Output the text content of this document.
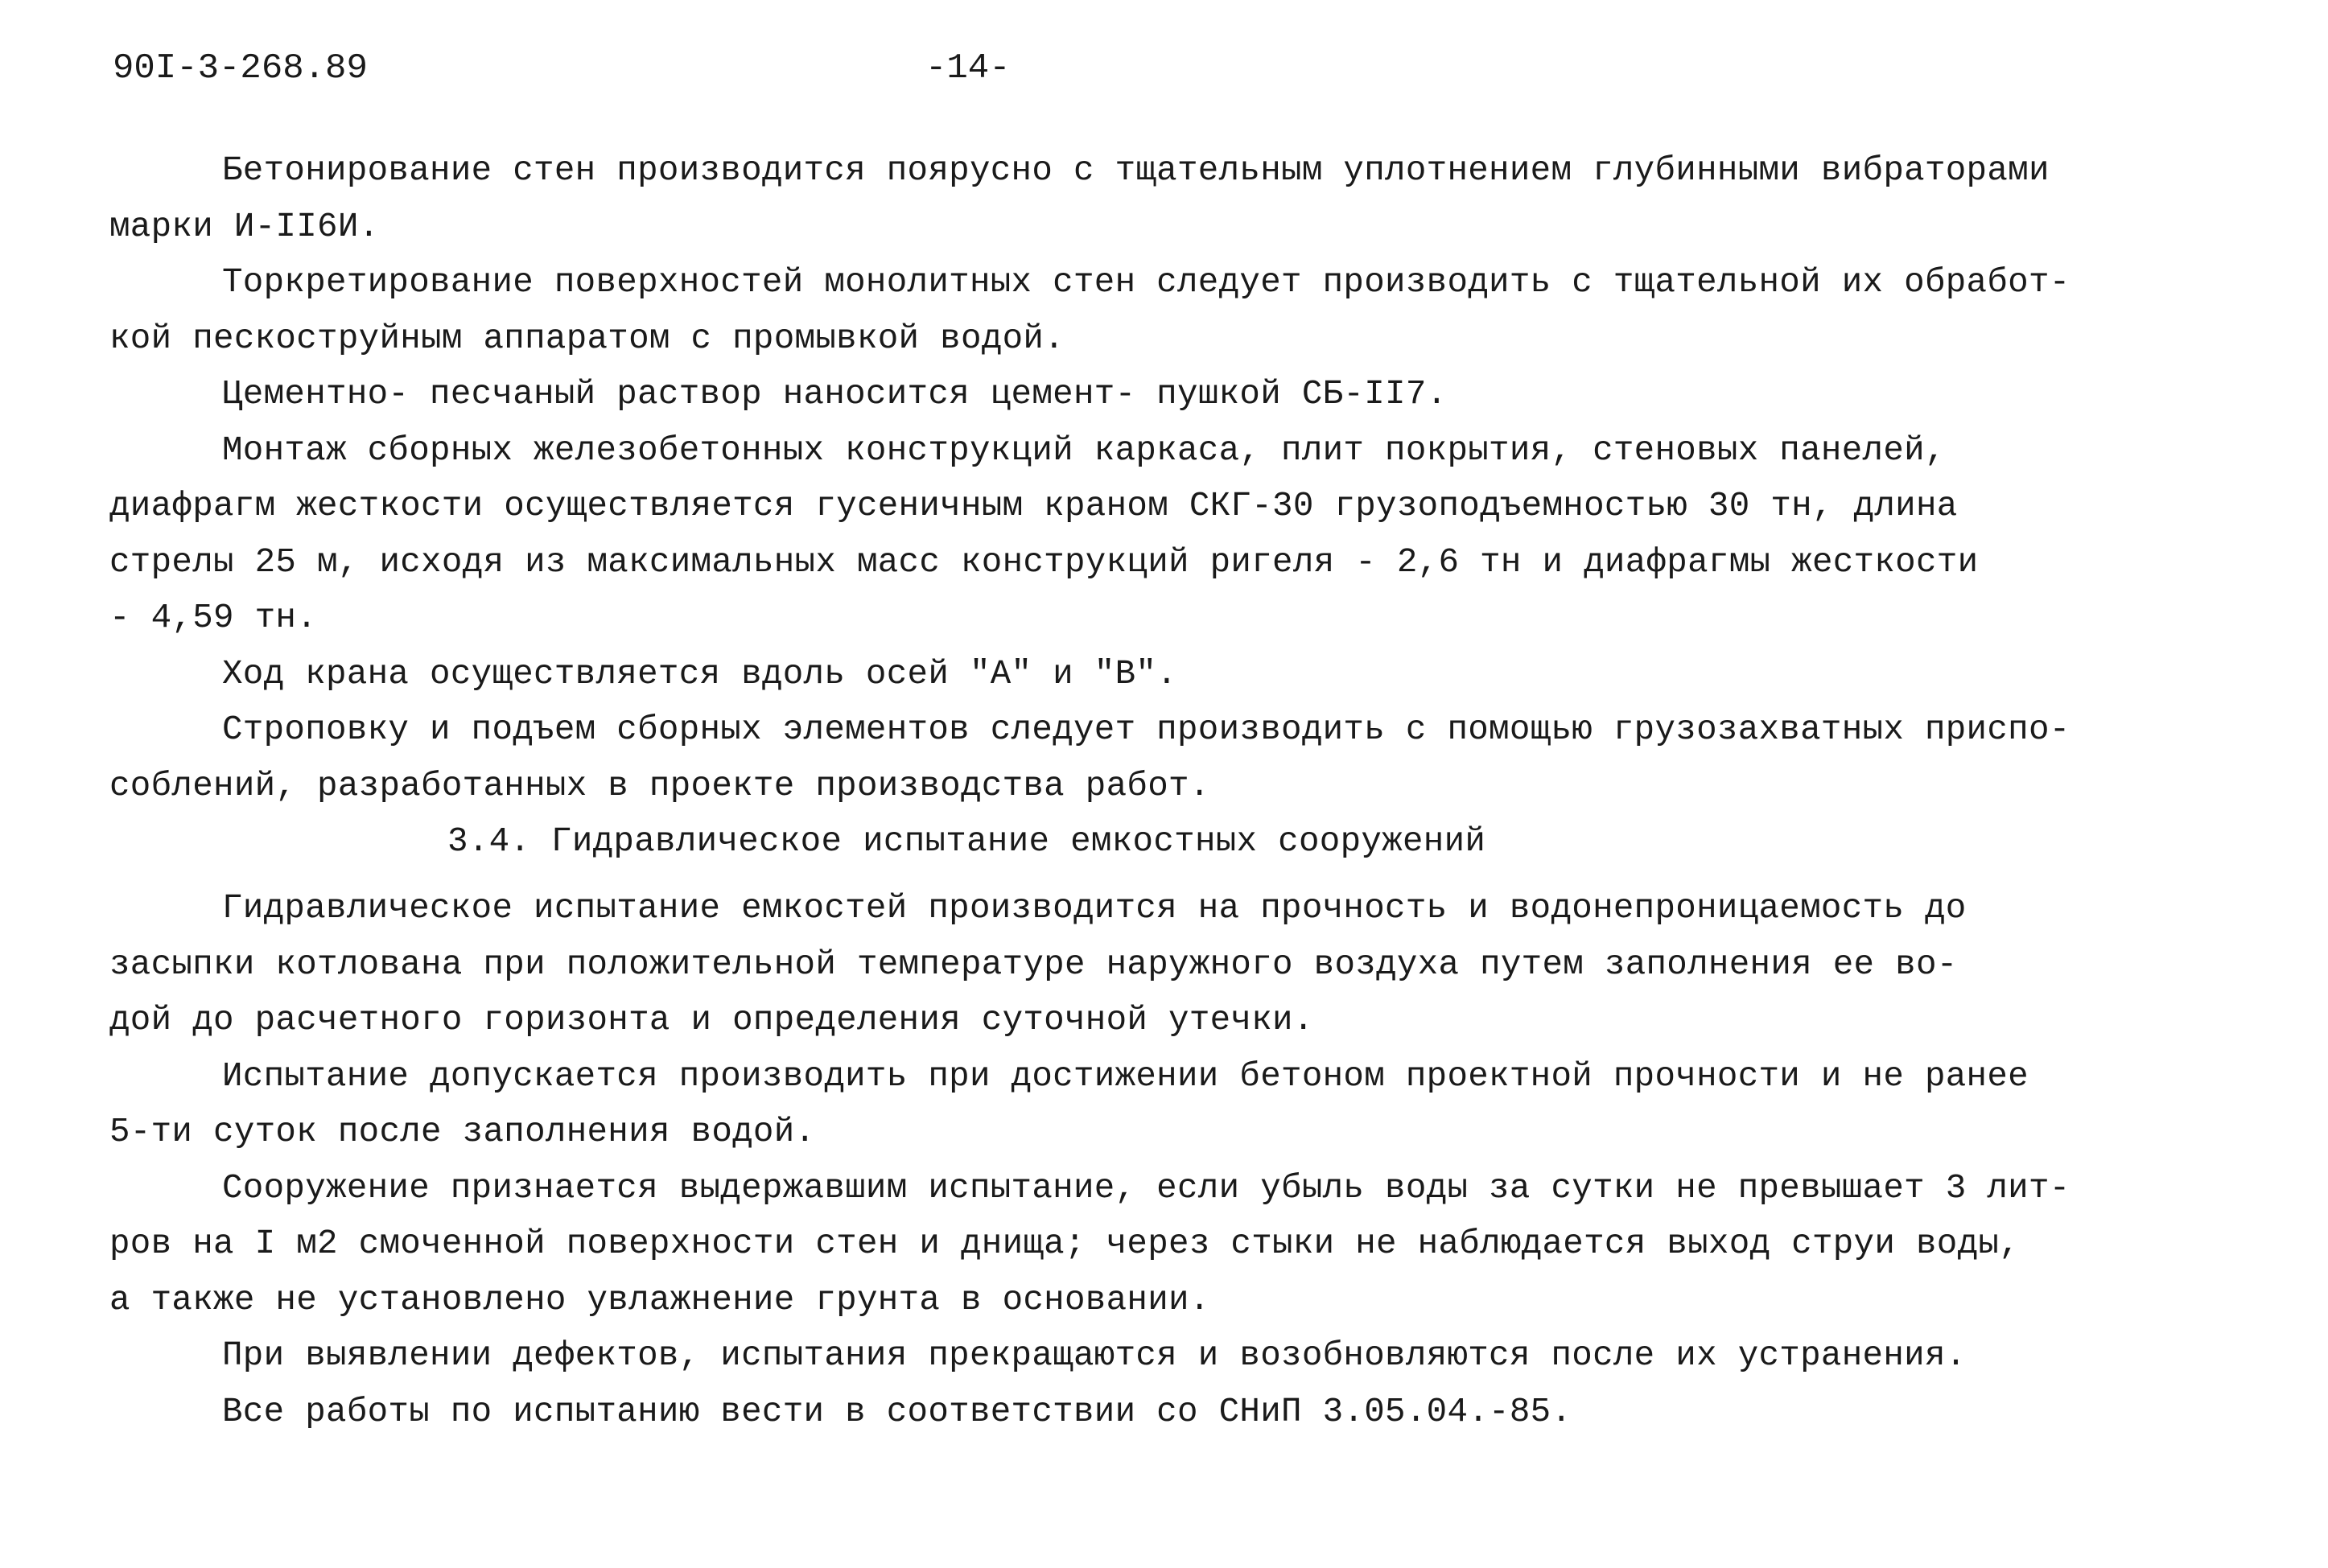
90I-3-268.89	-14-
Бетонирование стен производится поярусно с тщательным уплотнением глубинными вибраторами
марки И-II6И.
Торкретирование поверхностей монолитных стен следует производить с тщательной их обработ-
кой пескоструйным аппаратом с промывкой водой.
Цементно- песчаный раствор наносится цемент- пушкой СБ-II7.
Монтаж сборных железобетонных конструкций каркаса, плит покрытия, стеновых панелей,
диафрагм жесткости осуществляется гусеничным краном СКГ-30 грузоподъемностью 30 тн, длина
стрелы 25 м, исходя из максимальных масс конструкций ригеля - 2,6 тн и диафрагмы жесткости
- 4,59 тн.
Ход крана осуществляется вдоль осей "А" и "В".
Строповку и подъем сборных элементов следует производить с помощью грузозахватных приспо-
соблений, разработанных в проекте производства работ.
3.4. Гидравлическое испытание емкостных сооружений
Гидравлическое испытание емкостей производится на прочность и водонепроницаемость до
засыпки котлована при положительной температуре наружного воздуха путем заполнения ее во-
дой до расчетного горизонта и определения суточной утечки.
Испытание допускается производить при достижении бетоном проектной прочности и не ранее
5-ти суток после заполнения водой.
Сооружение признается выдержавшим испытание, если убыль воды за сутки не превышает 3 лит-
ров на I м2 смоченной поверхности стен и днища; через стыки не наблюдается выход струи воды,
а также не установлено увлажнение грунта в основании.
При выявлении дефектов, испытания прекращаются и возобновляются после их устранения.
Все работы по испытанию вести в соответствии со СНиП 3.05.04.-85.
